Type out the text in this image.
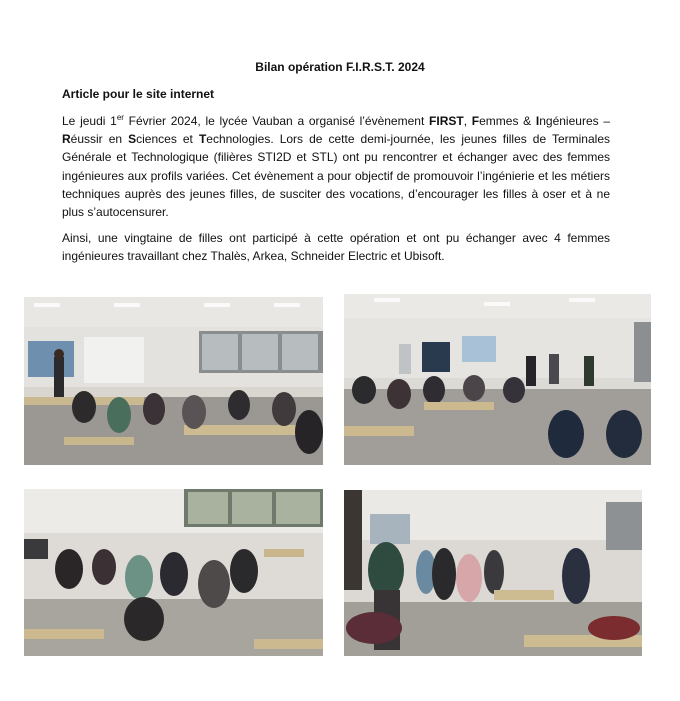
Bilan opération F.I.R.S.T. 2024
Article pour le site internet
Le jeudi 1er Février 2024, le lycée Vauban a organisé l’évènement FIRST, Femmes & Ingénieures – Réussir en Sciences et Technologies. Lors de cette demi-journée, les jeunes filles de Terminales Générale et Technologique (filières STI2D et STL) ont pu rencontrer et échanger avec des femmes ingénieures aux profils variées. Cet évènement a pour objectif de promouvoir l’ingénierie et les métiers techniques auprès des jeunes filles, de susciter des vocations, d’encourager les filles à oser et à ne plus s’autocensurer.
Ainsi, une vingtaine de filles ont participé à cette opération et ont pu échanger avec 4 femmes ingénieures travaillant chez Thalès, Arkea, Schneider Electric et Ubisoft.
